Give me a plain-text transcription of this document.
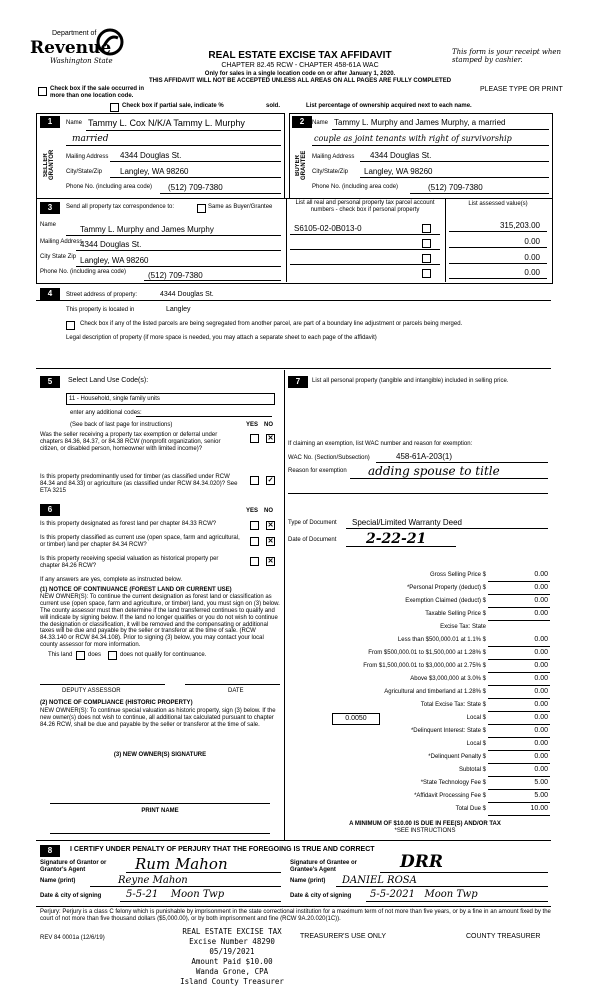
Department of
Revenue
Washington State	REAL ESTATE EXCISE TAX AFFIDAVIT
CHAPTER 82.45 RCW - CHAPTER 458-61A WAC
Only for sales in a single location code on or after January 1, 2020.
THIS AFFIDAVIT WILL NOT BE ACCEPTED UNLESS ALL AREAS ON ALL PAGES ARE FULLY COMPLETED
This form is your receipt when stamped by cashier.
PLEASE TYPE OR PRINT
Check box if the sale occurred in more than one location code.
Check box if partial sale, indicate %	sold.	List percentage of ownership acquired next to each name.
1	2
SELLER GRANTOR	BUYER GRANTEE
Name Tammy L. Cox N/K/A Tammy L. Murphy
married
Mailing Address 4344 Douglas St.
City/State/Zip Langley, WA 98260
Phone No. (including area code) (512) 709-7380
Name Tammy L. Murphy and James Murphy, a married
couple as joint tenants with right of survivorship
Mailing Address 4344 Douglas St.
City/State/Zip Langley, WA 98260
Phone No. (including area code)	(512) 709-7380
3	Send all property tax correspondence to:	Same as Buyer/Grantee
List all real and personal property tax parcel account numbers - check box if personal property
List assessed value(s)
Name	Tammy L. Murphy and James Murphy
Mailing Address
4344 Douglas St.
City State Zip Langley, WA 98260
Phone No. (including area code)	(512) 709-7380
S6105-02-0B013-0	315,203.00
0.00
0.00
0.00
4	Street address of property:	4344 Douglas St.
This property is located in	Langley
Check box if any of the listed parcels are being segregated from another parcel, are part of a boundary line adjustment or parcels being merged.
Legal description of property (if more space is needed, you may attach a separate sheet to each page of the affidavit)
5	Select Land Use Code(s):
11 - Household, single family units
enter any additional codes:
(See back of last page for instructions)	YES NO
Was the seller receiving a property tax exemption or deferral under chapters 84.36, 84.37, or 84.38 RCW (nonprofit organization, senior citizen, or disabled person, homeowner with limited income)?
✕
Is this property predominantly used for timber (as classified under RCW 84.34 and 84.33) or agriculture (as classified under RCW 84.34.020)? See ETA 3215
✓
6	YES NO
Is this property designated as forest land per chapter 84.33 RCW?	✕
Is this property classified as current use (open space, farm and agricultural, or timber) land per chapter 84.34 RCW?	✕
Is this property receiving special valuation as historical property per chapter 84.26 RCW?
✕
If any answers are yes, complete as instructed below.
(1) NOTICE OF CONTINUANCE (FOREST LAND OR CURRENT USE)
NEW OWNER(S): To continue the current designation as forest land or classification as current use (open space, farm and agriculture, or timber) land, you must sign on (3) below. The county assessor must then determine if the land transferred continues to qualify and will indicate by signing below. If the land no longer qualifies or you do not wish to continue the designation or classification, it will be removed and the compensating or additional taxes will be due and payable by the seller or transferor at the time of sale. (RCW 84.33.140 or RCW 84.34.108). Prior to signing (3) below, you may contact your local county assessor for more information.
This land	does	does not qualify for continuance.
DEPUTY ASSESSOR	DATE
(2) NOTICE OF COMPLIANCE (HISTORIC PROPERTY)
NEW OWNER(S): To continue special valuation as historic property, sign (3) below. If the new owner(s) does not wish to continue, all additional tax calculated pursuant to chapter 84.26 RCW, shall be due and payable by the seller or transferor at the time of sale.
(3) NEW OWNER(S) SIGNATURE
PRINT NAME
7	List all personal property (tangible and intangible) included in selling price.
If claiming an exemption, list WAC number and reason for exemption:
WAC No. (Section/Subsection)	458-61A-203(1)
Reason for exemption adding spouse to title
Type of Document Special/Limited Warranty Deed
Date of Document 2-22-21
Gross Selling Price $	0.00
*Personal Property (deduct) $	0.00
Exemption Claimed (deduct) $	0.00
Taxable Selling Price $	0.00
Excise Tax: State
Less than $500,000.01 at 1.1% $	0.00
From $500,000.01 to $1,500,000 at 1.28% $	0.00
From $1,500,000.01 to $3,000,000 at 2.75% $	0.00
Above $3,000,000 at 3.0% $	0.00
Agricultural and timberland at 1.28% $	0.00
Total Excise Tax: State $	0.00
0.0050	Local $	0.00
*Delinquent Interest: State $	0.00
Local $	0.00
*Delinquent Penalty $	0.00
Subtotal $	0.00
*State Technology Fee $	5.00
*Affidavit Processing Fee $	5.00
Total Due $	10.00
A MINIMUM OF $10.00 IS DUE IN FEE(S) AND/OR TAX
*SEE INSTRUCTIONS
8	I CERTIFY UNDER PENALTY OF PERJURY THAT THE FOREGOING IS TRUE AND CORRECT
Signature of Grantor or Grantor's Agent	Rum Mahon
Name (print)	Reyne Mahon
Date & city of signing 5-5-21    Moon Twp
Signature of Grantee or Grantee's Agent	DRR
Name (print) DANIEL ROSA
Date & city of signing 5-5-2021   Moon Twp
Perjury: Perjury is a class C felony which is punishable by imprisonment in the state correctional institution for a maximum term of not more than five years, or by a fine in an amount fixed by the court of not more than five thousand dollars ($5,000.00), or by both imprisonment and fine (RCW 9A.20.020(1C)).
REV 84 0001a (12/6/19)	TREASURER'S USE ONLY	COUNTY TREASURER
REAL ESTATE EXCISE TAX
Excise Number 48290
05/19/2021
Amount Paid $10.00
Wanda Grone, CPA
Island County Treasurer
